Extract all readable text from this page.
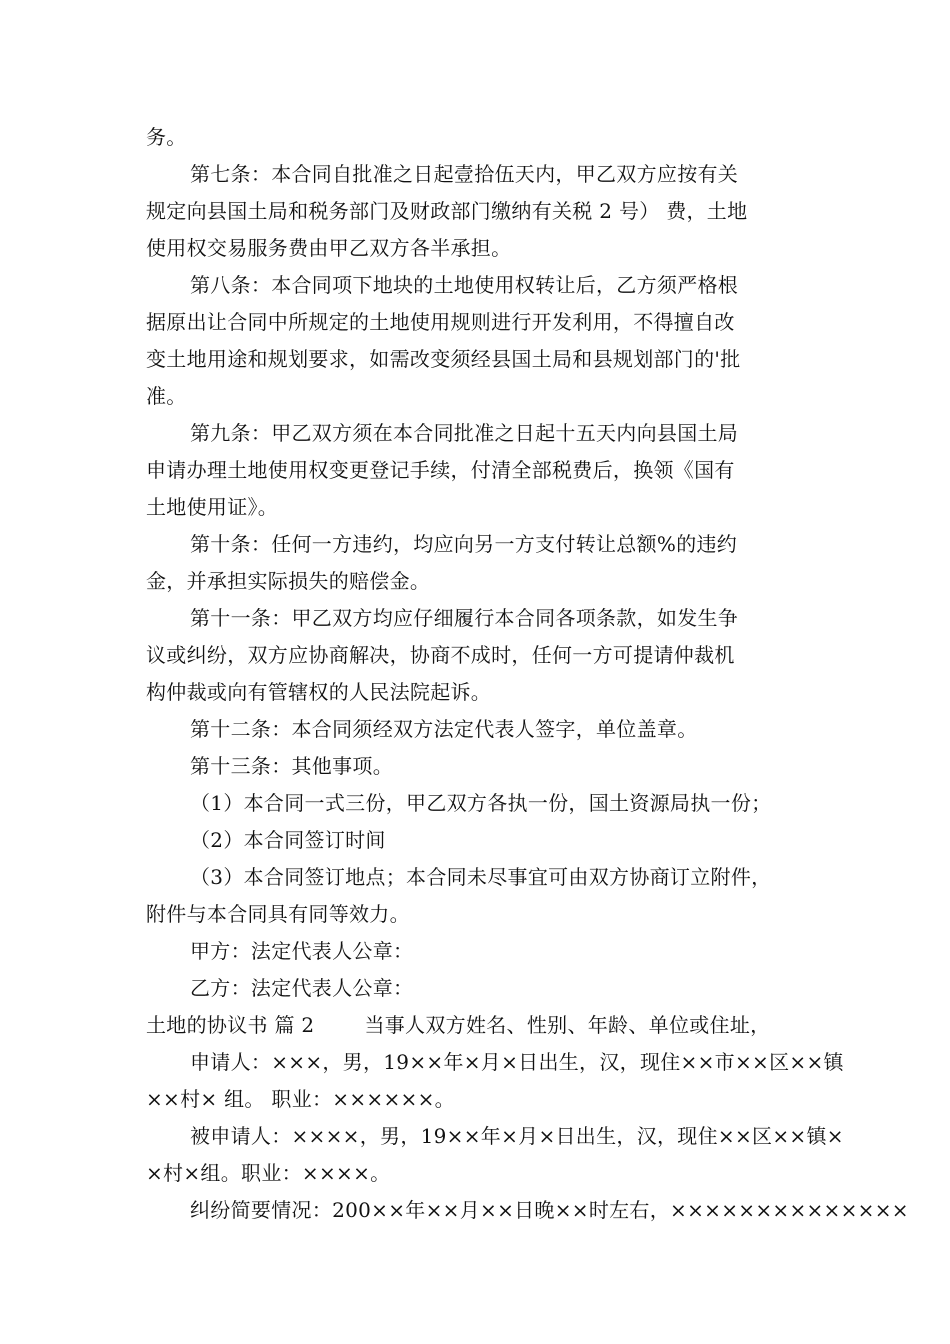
务。
第七条：本合同自批准之日起壹拾伍天内，甲乙双方应按有关
规定向县国土局和税务部门及财政部门缴纳有关税 2 号） 费，土地
使用权交易服务费由甲乙双方各半承担。
第八条：本合同项下地块的土地使用权转让后，乙方须严格根
据原出让合同中所规定的土地使用规则进行开发利用，不得擅自改
变土地用途和规划要求，如需改变须经县国土局和县规划部门的'批
准。
第九条：甲乙双方须在本合同批准之日起十五天内向县国土局
申请办理土地使用权变更登记手续，付清全部税费后，换领《国有
土地使用证》。
第十条：任何一方违约，均应向另一方支付转让总额%的违约
金，并承担实际损失的赔偿金。
第十一条：甲乙双方均应仔细履行本合同各项条款，如发生争
议或纠纷，双方应协商解决，协商不成时，任何一方可提请仲裁机
构仲裁或向有管辖权的人民法院起诉。
第十二条：本合同须经双方法定代表人签字，单位盖章。
第十三条：其他事项。
（1）本合同一式三份，甲乙双方各执一份，国土资源局执一份；
（2）本合同签订时间
（3）本合同签订地点；本合同未尽事宜可由双方协商订立附件，
附件与本合同具有同等效力。
甲方：法定代表人公章：
乙方：法定代表人公章：
土地的协议书 篇 2	当事人双方姓名、性别、年龄、单位或住址，
申请人：×××，男，19××年×月×日出生，汉，现住××市××区××镇
××村× 组。 职业：××××××。
被申请人：××××，男，19××年×月×日出生，汉，现住××区××镇×
×村×组。职业：××××。
纠纷简要情况：200××年××月××日晚××时左右，××××××××××××××
